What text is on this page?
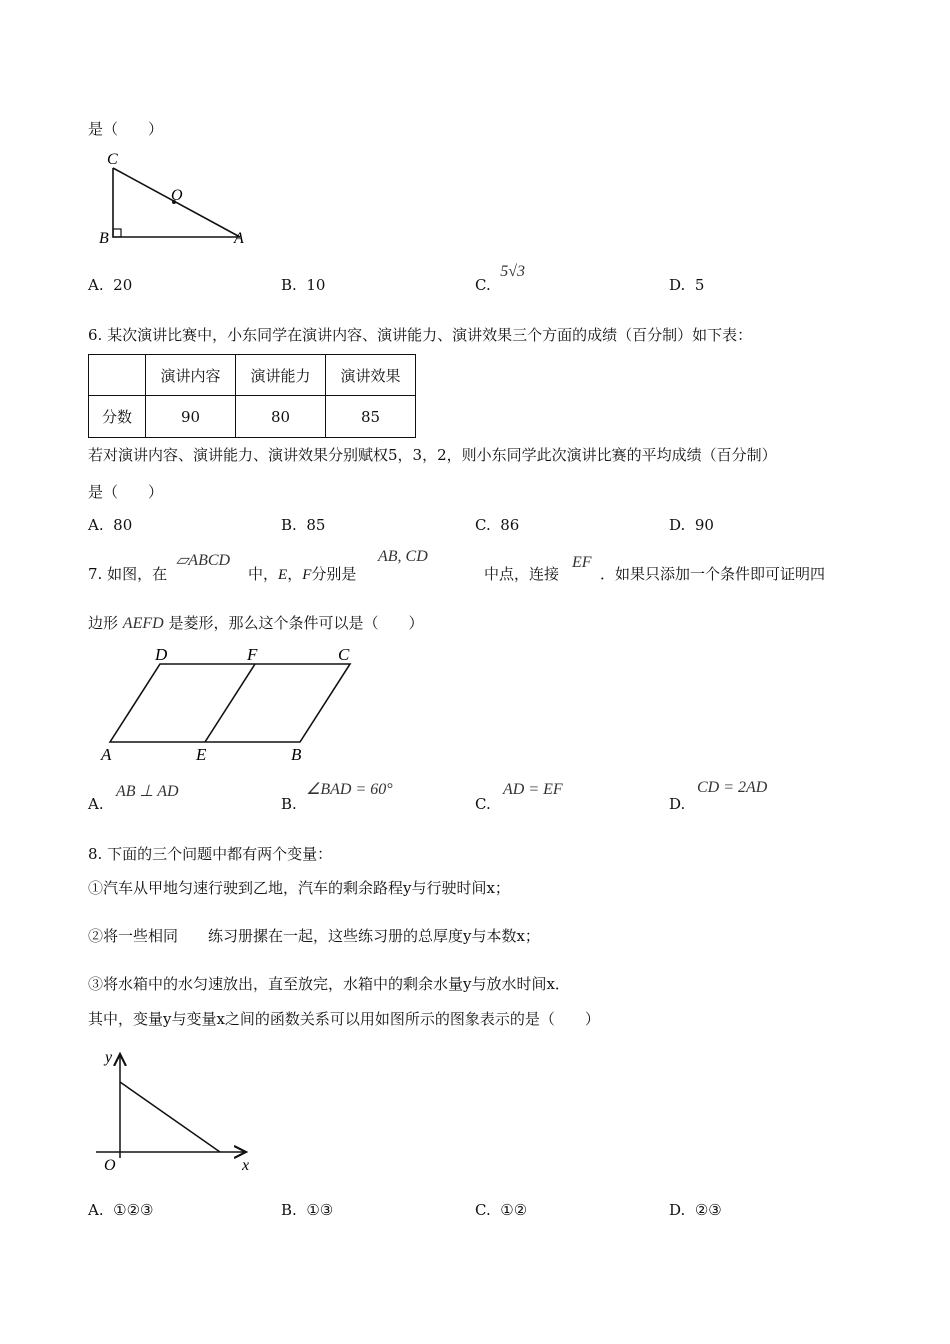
是（　　）
C
O
B	A
A. 20	B. 10	C.  5√3
D. 5
6. 某次演讲比赛中，小东同学在演讲内容、演讲能力、演讲效果三个方面的成绩（百分制）如下表：
	演讲内容	演讲能力	演讲效果
分数	90	80	85
若对演讲内容、演讲能力、演讲效果分别赋权5，3，2，则小东同学此次演讲比赛的平均成绩（百分制）
是（　　）
A. 80	B. 85	C. 86	D. 90
7. 如图，在
▱ABCD
中，E，F分别是
AB, CD
中点，连接
EF
．如果只添加一个条件即可证明四
边形 AEFD 是菱形，那么这个条件可以是（　　）
D	F	C
A	E	B
A.
AB ⊥ AD
B.
∠BAD = 60°
C.
AD = EF
D.
CD = 2AD
8. 下面的三个问题中都有两个变量：
①汽车从甲地匀速行驶到乙地，汽车的剩余路程y与行驶时间x；
②将一些相同　　练习册摞在一起，这些练习册的总厚度y与本数x；
③将水箱中的水匀速放出，直至放完，水箱中的剩余水量y与放水时间x．
其中，变量y与变量x之间的函数关系可以用如图所示的图象表示的是（　　）
y
O	x
A. ①②③	B. ①③	C. ①②	D. ②③
